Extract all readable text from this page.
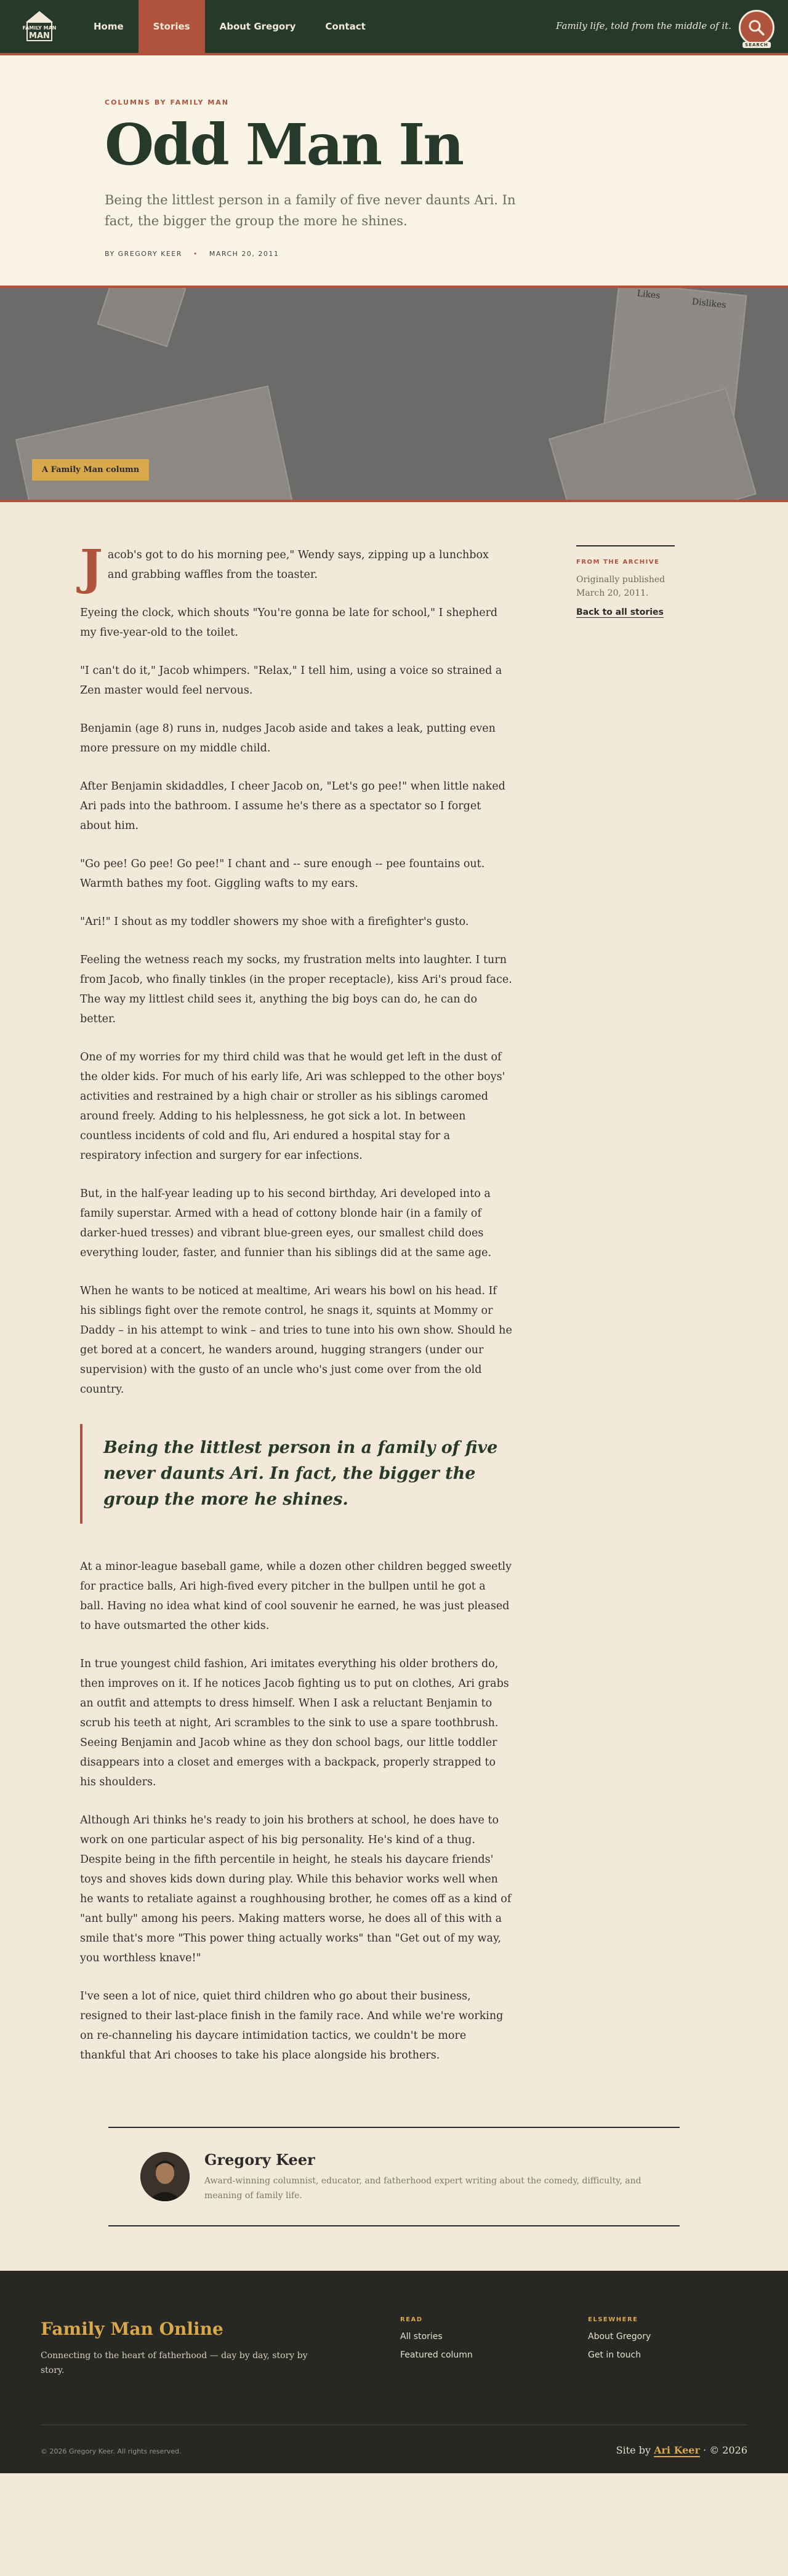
FAMILY MAN
MAN
Home	Stories	About Gregory	Contact	Family life, told from the middle of it.
SEARCH
COLUMNS BY FAMILY MAN
Odd Man In

Being the littlest person in a family of five never daunts Ari. In fact, the bigger the group the more he shines.

BY GREGORY KEER • MARCH 20, 2011
Likes
Dislikes
A Family Man column

Jacob's got to do his morning pee," Wendy says, zipping up a lunchbox and grabbing waffles from the toaster.

Eyeing the clock, which shouts "You're gonna be late for school," I shepherd my five-year-old to the toilet.

"I can't do it," Jacob whimpers. "Relax," I tell him, using a voice so strained a Zen master would feel nervous.

Benjamin (age 8) runs in, nudges Jacob aside and takes a leak, putting even more pressure on my middle child.

After Benjamin skidaddles, I cheer Jacob on, "Let's go pee!" when little naked Ari pads into the bathroom. I assume he's there as a spectator so I forget about him.

"Go pee! Go pee! Go pee!" I chant and -- sure enough -- pee fountains out. Warmth bathes my foot. Giggling wafts to my ears.

"Ari!" I shout as my toddler showers my shoe with a firefighter's gusto.

Feeling the wetness reach my socks, my frustration melts into laughter. I turn from Jacob, who finally tinkles (in the proper receptacle), kiss Ari's proud face. The way my littlest child sees it, anything the big boys can do, he can do better.

One of my worries for my third child was that he would get left in the dust of the older kids. For much of his early life, Ari was schlepped to the other boys' activities and restrained by a high chair or stroller as his siblings caromed around freely. Adding to his helplessness, he got sick a lot. In between countless incidents of cold and flu, Ari endured a hospital stay for a respiratory infection and surgery for ear infections.

But, in the half-year leading up to his second birthday, Ari developed into a family superstar. Armed with a head of cottony blonde hair (in a family of darker-hued tresses) and vibrant blue-green eyes, our smallest child does everything louder, faster, and funnier than his siblings did at the same age.

When he wants to be noticed at mealtime, Ari wears his bowl on his head. If his siblings fight over the remote control, he snags it, squints at Mommy or Daddy – in his attempt to wink – and tries to tune into his own show. Should he get bored at a concert, he wanders around, hugging strangers (under our supervision) with the gusto of an uncle who's just come over from the old country.

Being the littlest person in a family of five never daunts Ari. In fact, the bigger the group the more he shines.

At a minor-league baseball game, while a dozen other children begged sweetly for practice balls, Ari high-fived every pitcher in the bullpen until he got a ball. Having no idea what kind of cool souvenir he earned, he was just pleased to have outsmarted the other kids.

In true youngest child fashion, Ari imitates everything his older brothers do, then improves on it. If he notices Jacob fighting us to put on clothes, Ari grabs an outfit and attempts to dress himself. When I ask a reluctant Benjamin to scrub his teeth at night, Ari scrambles to the sink to use a spare toothbrush. Seeing Benjamin and Jacob whine as they don school bags, our little toddler disappears into a closet and emerges with a backpack, properly strapped to his shoulders.

Although Ari thinks he's ready to join his brothers at school, he does have to work on one particular aspect of his big personality. He's kind of a thug. Despite being in the fifth percentile in height, he steals his daycare friends' toys and shoves kids down during play. While this behavior works well when he wants to retaliate against a roughhousing brother, he comes off as a kind of "ant bully" among his peers. Making matters worse, he does all of this with a smile that's more "This power thing actually works" than "Get out of my way, you worthless knave!"

I've seen a lot of nice, quiet third children who go about their business, resigned to their last-place finish in the family race. And while we're working on re-channeling his daycare intimidation tactics, we couldn't be more thankful that Ari chooses to take his place alongside his brothers.

FROM THE ARCHIVE
Originally published March 20, 2011.
Back to all stories
Gregory Keer
Award-winning columnist, educator, and fatherhood expert writing about the comedy, difficulty, and meaning of family life.
Family Man Online
Connecting to the heart of fatherhood — day by day, story by story.
READ
All stories
Featured column
ELSEWHERE
About Gregory
Get in touch
© 2026 Gregory Keer. All rights reserved.	Site by Ari Keer · © 2026
